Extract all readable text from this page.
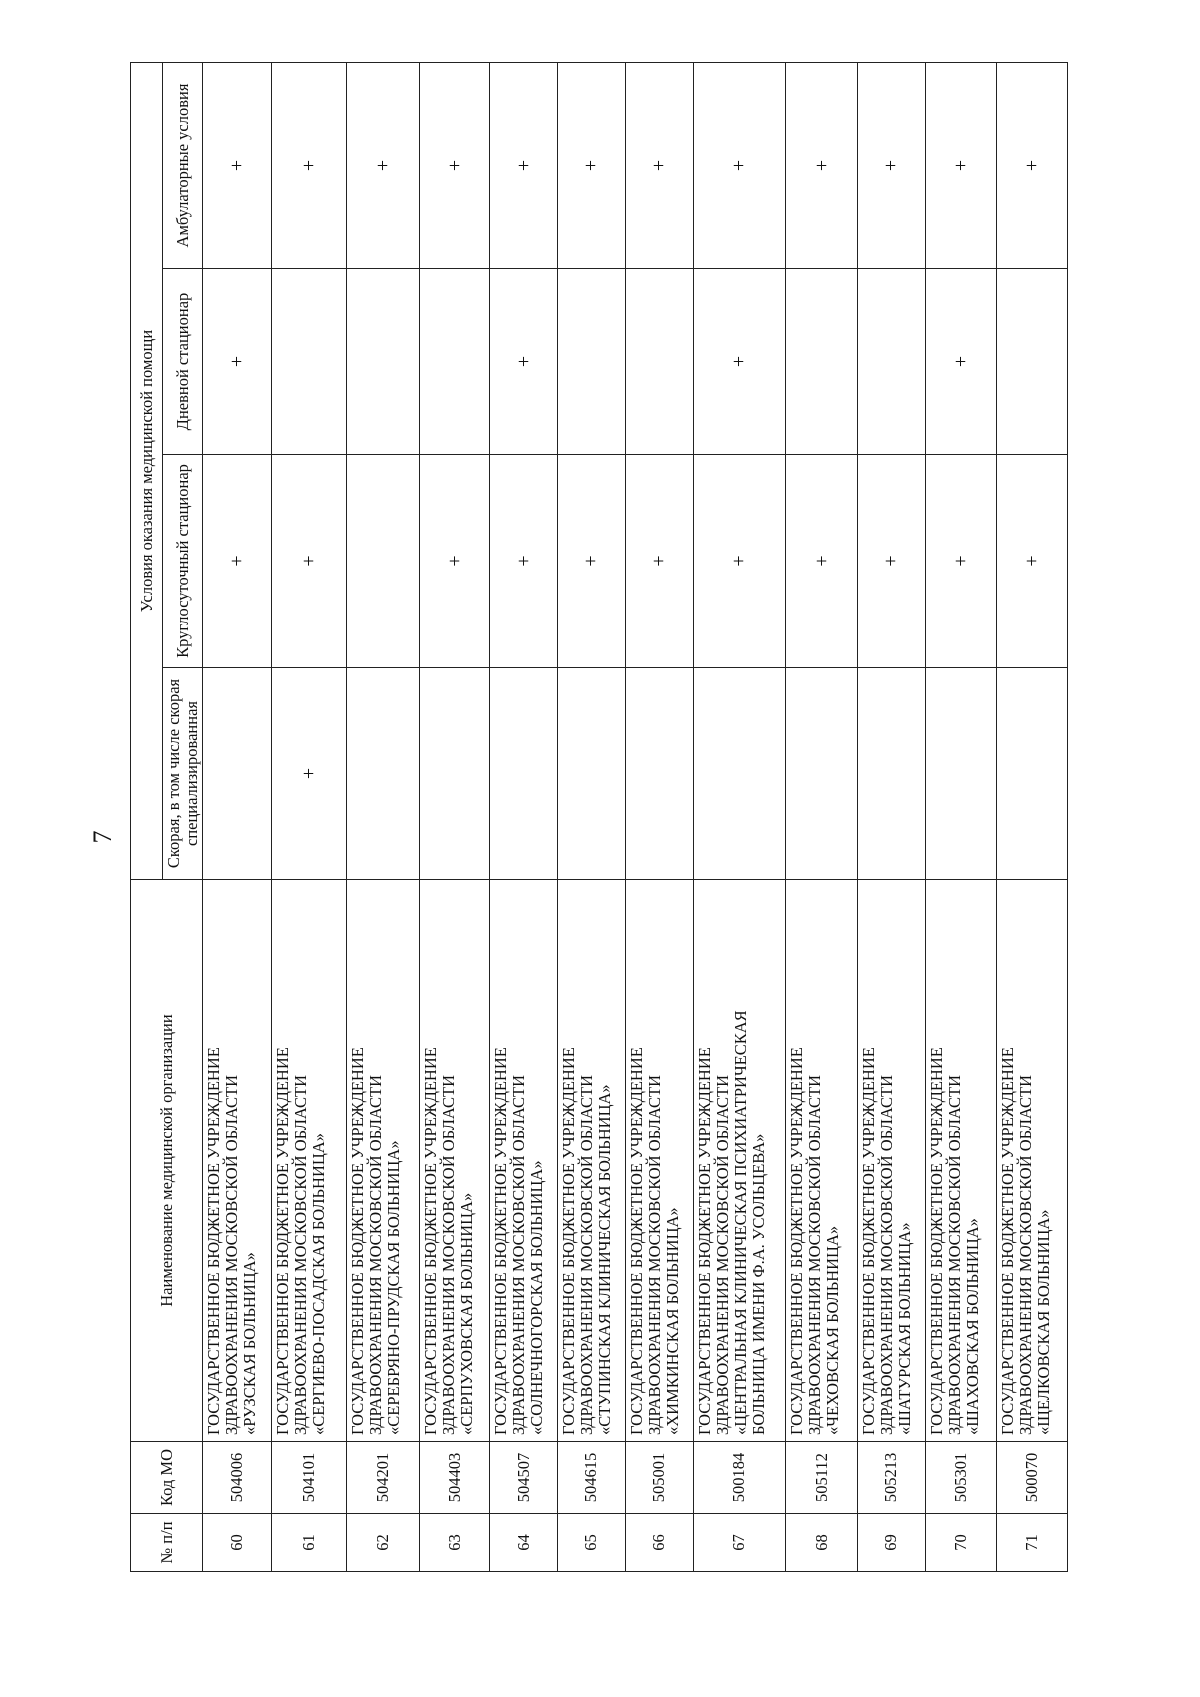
7
№ п/п	Код МО	Наименование медицинской организации	Условия оказания медицинской помощи			
			Скорая, в том числе скорая специализированная	Круглосуточный стационар	Дневной стационар	Амбулаторные условия
60	504006	ГОСУДАРСТВЕННОЕ БЮДЖЕТНОЕ УЧРЕЖДЕНИЕ ЗДРАВООХРАНЕНИЯ МОСКОВСКОЙ ОБЛАСТИ «РУЗСКАЯ БОЛЬНИЦА»		+	+	+
61	504101	ГОСУДАРСТВЕННОЕ БЮДЖЕТНОЕ УЧРЕЖДЕНИЕ ЗДРАВООХРАНЕНИЯ МОСКОВСКОЙ ОБЛАСТИ «СЕРГИЕВО-ПОСАДСКАЯ БОЛЬНИЦА»	+	+		+
62	504201	ГОСУДАРСТВЕННОЕ БЮДЖЕТНОЕ УЧРЕЖДЕНИЕ ЗДРАВООХРАНЕНИЯ МОСКОВСКОЙ ОБЛАСТИ «СЕРЕБРЯНО-ПРУДСКАЯ БОЛЬНИЦА»				+
63	504403	ГОСУДАРСТВЕННОЕ БЮДЖЕТНОЕ УЧРЕЖДЕНИЕ ЗДРАВООХРАНЕНИЯ МОСКОВСКОЙ ОБЛАСТИ «СЕРПУХОВСКАЯ БОЛЬНИЦА»		+		+
64	504507	ГОСУДАРСТВЕННОЕ БЮДЖЕТНОЕ УЧРЕЖДЕНИЕ ЗДРАВООХРАНЕНИЯ МОСКОВСКОЙ ОБЛАСТИ «СОЛНЕЧНОГОРСКАЯ БОЛЬНИЦА»		+	+	+
65	504615	ГОСУДАРСТВЕННОЕ БЮДЖЕТНОЕ УЧРЕЖДЕНИЕ ЗДРАВООХРАНЕНИЯ МОСКОВСКОЙ ОБЛАСТИ «СТУПИНСКАЯ КЛИНИЧЕСКАЯ БОЛЬНИЦА»		+		+
66	505001	ГОСУДАРСТВЕННОЕ БЮДЖЕТНОЕ УЧРЕЖДЕНИЕ ЗДРАВООХРАНЕНИЯ МОСКОВСКОЙ ОБЛАСТИ «ХИМКИНСКАЯ БОЛЬНИЦА»		+		+
67	500184	ГОСУДАРСТВЕННОЕ БЮДЖЕТНОЕ УЧРЕЖДЕНИЕ ЗДРАВООХРАНЕНИЯ МОСКОВСКОЙ ОБЛАСТИ «ЦЕНТРАЛЬНАЯ КЛИНИЧЕСКАЯ ПСИХИАТРИЧЕСКАЯ БОЛЬНИЦА ИМЕНИ Ф.А. УСОЛЬЦЕВА»		+	+	+
68	505112	ГОСУДАРСТВЕННОЕ БЮДЖЕТНОЕ УЧРЕЖДЕНИЕ ЗДРАВООХРАНЕНИЯ МОСКОВСКОЙ ОБЛАСТИ «ЧЕХОВСКАЯ БОЛЬНИЦА»		+		+
69	505213	ГОСУДАРСТВЕННОЕ БЮДЖЕТНОЕ УЧРЕЖДЕНИЕ ЗДРАВООХРАНЕНИЯ МОСКОВСКОЙ ОБЛАСТИ «ШАТУРСКАЯ БОЛЬНИЦА»		+		+
70	505301	ГОСУДАРСТВЕННОЕ БЮДЖЕТНОЕ УЧРЕЖДЕНИЕ ЗДРАВООХРАНЕНИЯ МОСКОВСКОЙ ОБЛАСТИ «ШАХОВСКАЯ БОЛЬНИЦА»		+	+	+
71	500070	ГОСУДАРСТВЕННОЕ БЮДЖЕТНОЕ УЧРЕЖДЕНИЕ ЗДРАВООХРАНЕНИЯ МОСКОВСКОЙ ОБЛАСТИ «ЩЕЛКОВСКАЯ БОЛЬНИЦА»		+		+
